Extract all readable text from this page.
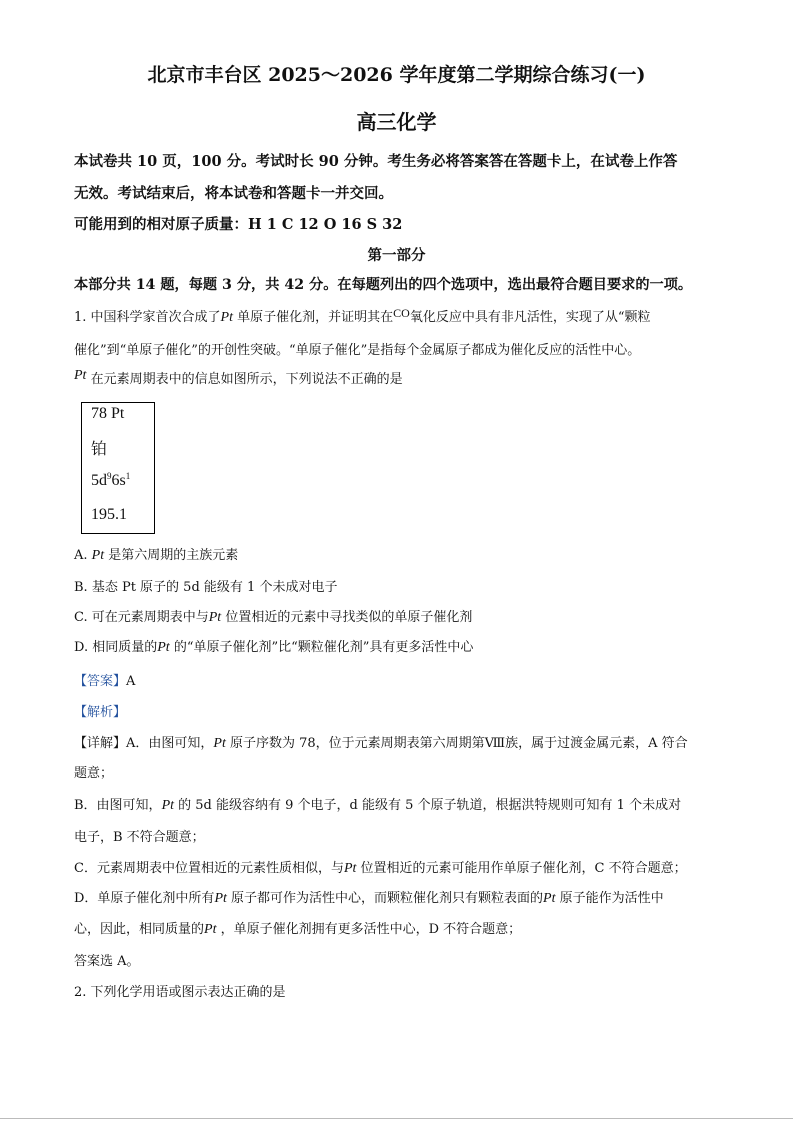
北京市丰台区 2025～2026 学年度第二学期综合练习(一)
高三化学
本试卷共 10 页，100 分。考试时长 90 分钟。考生务必将答案答在答题卡上，在试卷上作答
无效。考试结束后，将本试卷和答题卡一并交回。
可能用到的相对原子质量：H 1 C 12 O 16 S 32
第一部分
本部分共 14 题，每题 3 分，共 42 分。在每题列出的四个选项中，选出最符合题目要求的一项。
1. 中国科学家首次合成了Pt 单原子催化剂，并证明其在CO氧化反应中具有非凡活性，实现了从“颗粒
催化”到“单原子催化”的开创性突破。“单原子催化”是指每个金属原子都成为催化反应的活性中心。
Pt 在元素周期表中的信息如图所示，下列说法不正确的是
78 Pt
铂
$5d^96s^1$
195.1
A. Pt 是第六周期的主族元素
B. 基态 Pt 原子的 5d 能级有 1 个未成对电子
C. 可在元素周期表中与Pt 位置相近的元素中寻找类似的单原子催化剂
D. 相同质量的Pt 的“单原子催化剂”比“颗粒催化剂”具有更多活性中心
【答案】A
【解析】
【详解】A．由图可知，Pt 原子序数为 78，位于元素周期表第六周期第Ⅷ族，属于过渡金属元素，A 符合
题意；
B．由图可知，Pt 的 5d 能级容纳有 9 个电子，d 能级有 5 个原子轨道，根据洪特规则可知有 1 个未成对
电子，B 不符合题意；
C．元素周期表中位置相近的元素性质相似，与Pt 位置相近的元素可能用作单原子催化剂，C 不符合题意；
D．单原子催化剂中所有Pt 原子都可作为活性中心，而颗粒催化剂只有颗粒表面的Pt 原子能作为活性中
心，因此，相同质量的Pt ，单原子催化剂拥有更多活性中心，D 不符合题意；
答案选 A。
2. 下列化学用语或图示表达正确的是
